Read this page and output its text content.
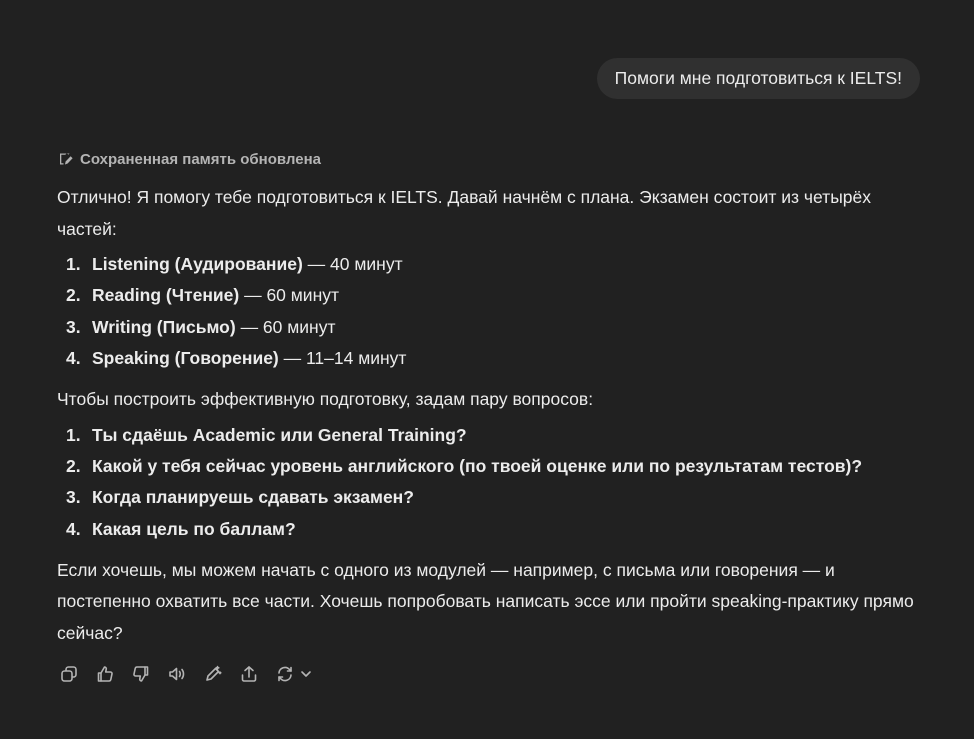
Помоги мне подготовиться к IELTS!
Сохраненная память обновлена

Отлично! Я помогу тебе подготовиться к IELTS. Давай начнём с плана. Экзамен состоит из четырёх частей:

1. Listening (Аудирование) — 40 минут
2. Reading (Чтение) — 60 минут
3. Writing (Письмо) — 60 минут
4. Speaking (Говорение) — 11–14 минут

Чтобы построить эффективную подготовку, задам пару вопросов:

1. Ты сдаёшь Academic или General Training?
2. Какой у тебя сейчас уровень английского (по твоей оценке или по результатам тестов)?
3. Когда планируешь сдавать экзамен?
4. Какая цель по баллам?

Если хочешь, мы можем начать с одного из модулей — например, с письма или говорения — и постепенно охватить все части. Хочешь попробовать написать эссе или пройти speaking-практику прямо сейчас?
